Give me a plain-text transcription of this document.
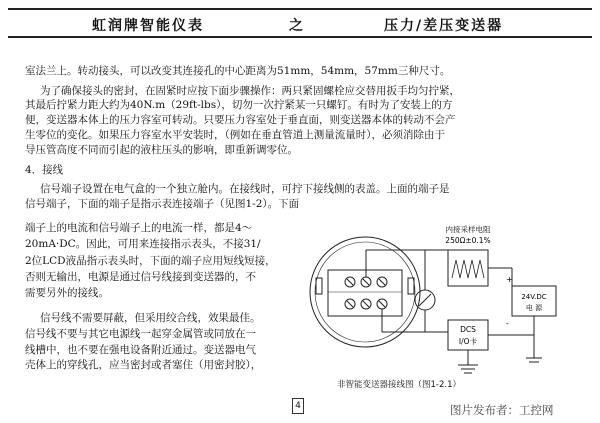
虹润牌智能仪表	之	压力/差压变送器
室法兰上。转动接头，可以改变其连接孔的中心距离为51mm，54mm，57mm三种尺寸。
为了确保接头的密封，在固紧时应按下面步骤操作：两只紧固螺栓应交替用扳手均匀拧紧，
其最后拧紧力距大约为40N.m（29ft-lbs），切勿一次拧紧某一只螺钉。有时为了安装上的方
便，变送器本体上的压力容室可转动。只要压力容室处于垂直面，则变送器本体的转动不会产
生零位的变化。如果压力容室水平安装时，（例如在垂直管道上测量流量时），必须消除由于
导压管高度不同而引起的液柱压头的影响，即重新调零位。
4．接线
信号端子设置在电气盒的一个独立舱内。在接线时，可拧下接线侧的表盖。上面的端子是
信号端子，下面的端子是指示表连接端子（见图1-2）。下面
端子上的电流和信号端子上的电流一样，都是4～
20mA·DC。因此，可用来连接指示表头，不接31/
2位LCD液晶指示表头时，下面的端子应用短线短接，
否则无输出，电源是通过信号线接到变送器的，不
需要另外的接线。
信号线不需要屏蔽，但采用绞合线，效果最佳。
信号线不要与其它电源线一起穿金属管或同放在一
线槽中，也不要在强电设备附近通过。变送器电气
壳体上的穿线孔，应当密封或者塞住（用密封胶），
内接采样电阻
250Ω±0.1%
24V.DC
电 源
DCS
I/O卡
+
-
非智能变送器接线图（图1-2.1）
4	图片发布者：工控网
